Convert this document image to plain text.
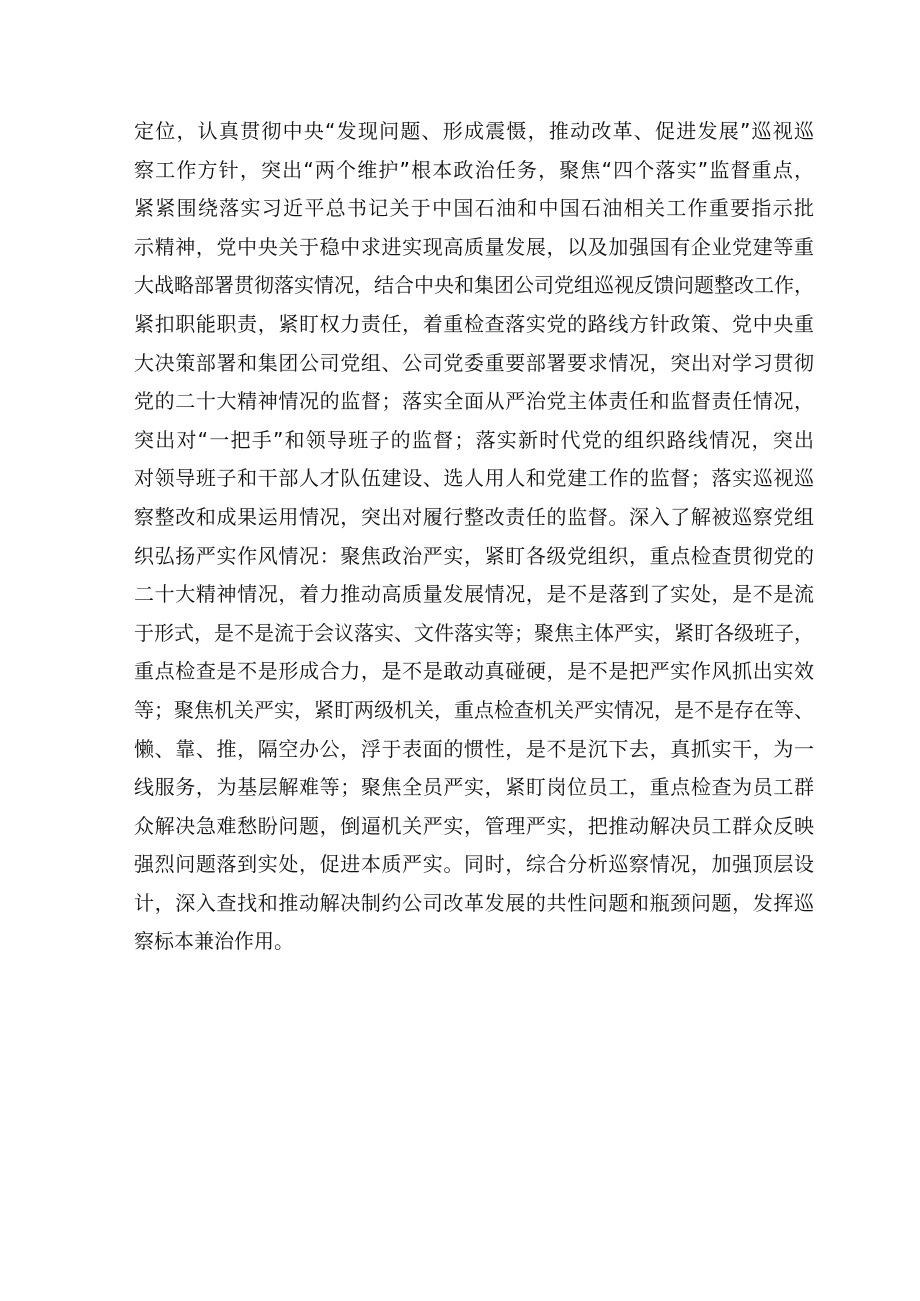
定位，认真贯彻中央“发现问题、形成震慑，推动改革、促进发展”巡视巡
察工作方针，突出“两个维护”根本政治任务，聚焦“四个落实”监督重点，
紧紧围绕落实习近平总书记关于中国石油和中国石油相关工作重要指示批
示精神，党中央关于稳中求进实现高质量发展，以及加强国有企业党建等重
大战略部署贯彻落实情况，结合中央和集团公司党组巡视反馈问题整改工作，
紧扣职能职责，紧盯权力责任，着重检查落实党的路线方针政策、党中央重
大决策部署和集团公司党组、公司党委重要部署要求情况，突出对学习贯彻
党的二十大精神情况的监督；落实全面从严治党主体责任和监督责任情况，
突出对“一把手”和领导班子的监督；落实新时代党的组织路线情况，突出
对领导班子和干部人才队伍建设、选人用人和党建工作的监督；落实巡视巡
察整改和成果运用情况，突出对履行整改责任的监督。深入了解被巡察党组
织弘扬严实作风情况：聚焦政治严实，紧盯各级党组织，重点检查贯彻党的
二十大精神情况，着力推动高质量发展情况，是不是落到了实处，是不是流
于形式，是不是流于会议落实、文件落实等；聚焦主体严实，紧盯各级班子，
重点检查是不是形成合力，是不是敢动真碰硬，是不是把严实作风抓出实效
等；聚焦机关严实，紧盯两级机关，重点检查机关严实情况，是不是存在等、
懒、靠、推，隔空办公，浮于表面的惯性，是不是沉下去，真抓实干，为一
线服务，为基层解难等；聚焦全员严实，紧盯岗位员工，重点检查为员工群
众解决急难愁盼问题，倒逼机关严实，管理严实，把推动解决员工群众反映
强烈问题落到实处，促进本质严实。同时，综合分析巡察情况，加强顶层设
计，深入查找和推动解决制约公司改革发展的共性问题和瓶颈问题，发挥巡
察标本兼治作用。
